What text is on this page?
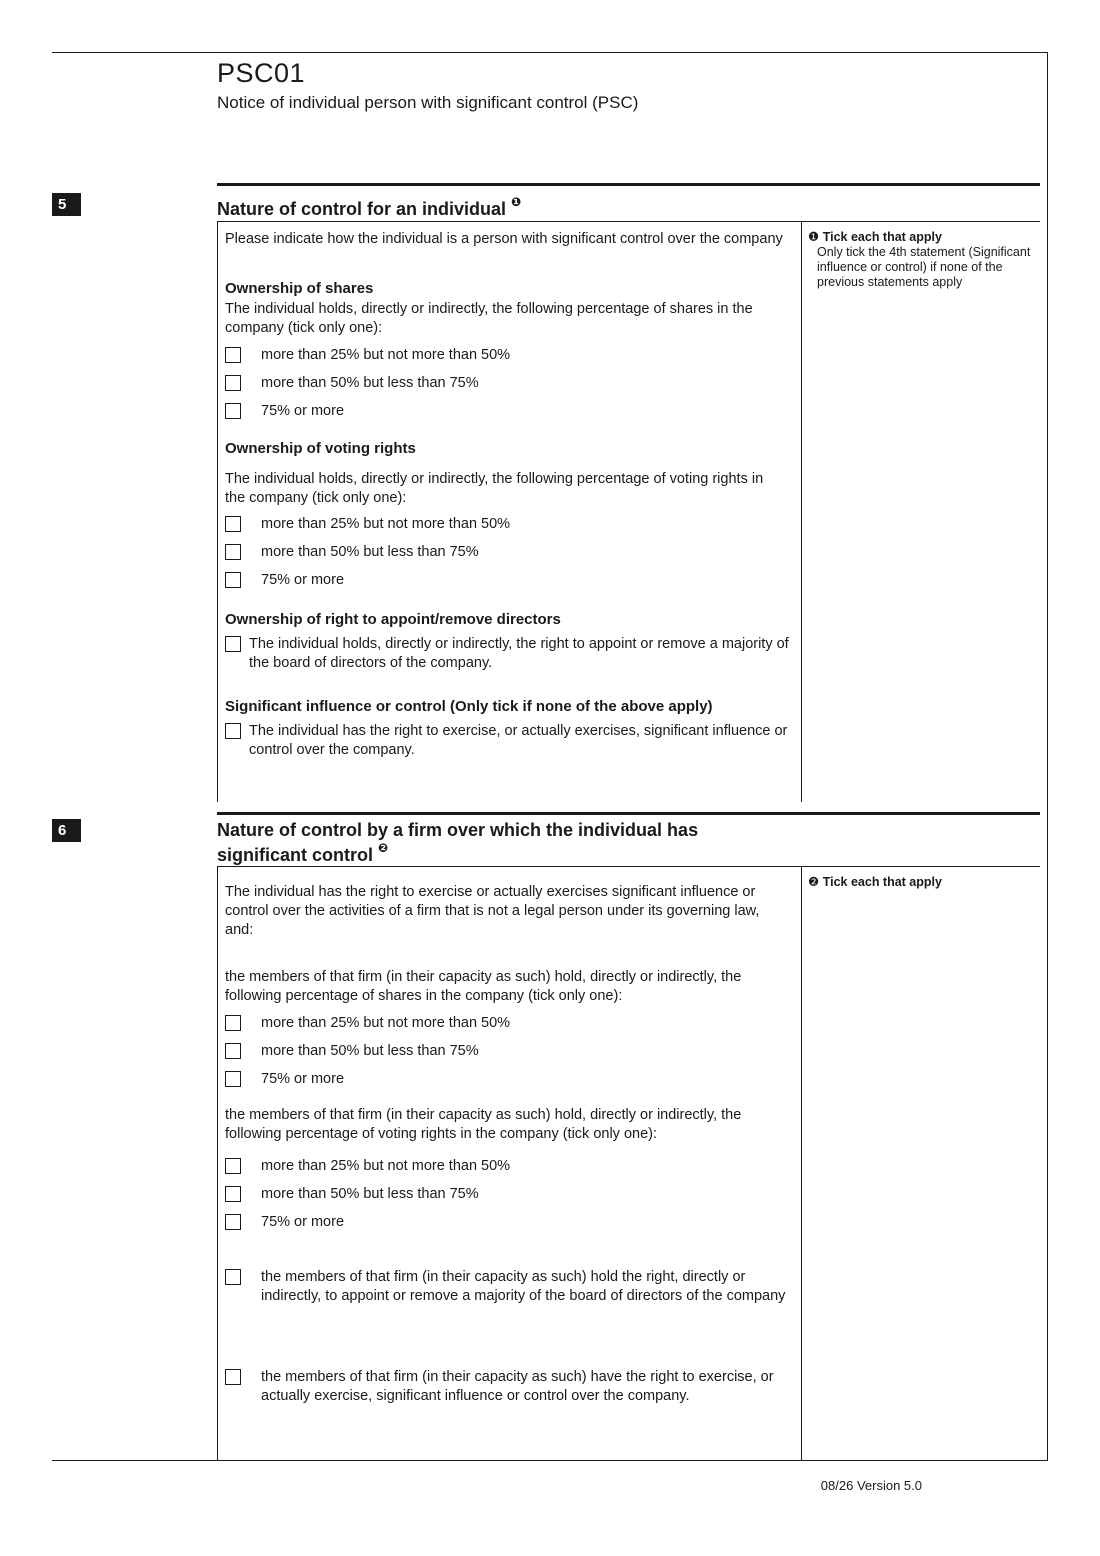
PSC01
Notice of individual person with significant control (PSC)
5	Nature of control for an individual $^❶$
Please indicate how the individual is a person with significant control over the company
Ownership of shares
The individual holds, directly or indirectly, the following percentage of shares in the company (tick only one):
more than 25% but not more than 50%
more than 50% but less than 75%
75% or more
Ownership of voting rights
The individual holds, directly or indirectly, the following percentage of voting rights in the company (tick only one):
more than 25% but not more than 50%
more than 50% but less than 75%
75% or more
Ownership of right to appoint/remove directors
The individual holds, directly or indirectly, the right to appoint or remove a majority of the board of directors of the company.
Significant influence or control (Only tick if none of the above apply)
The individual has the right to exercise, or actually exercises, significant influence or control over the company.
❶ Tick each that apply
Only tick the 4th statement (Significant influence or control) if none of the previous statements apply
6	Nature of control by a firm over which the individual has
significant control $^❷$
The individual has the right to exercise or actually exercises significant influence or control over the activities of a firm that is not a legal person under its governing law, and:
the members of that firm (in their capacity as such) hold, directly or indirectly, the following percentage of shares in the company (tick only one):
more than 25% but not more than 50%
more than 50% but less than 75%
75% or more
the members of that firm (in their capacity as such) hold, directly or indirectly, the following percentage of voting rights in the company (tick only one):
more than 25% but not more than 50%
more than 50% but less than 75%
75% or more
the members of that firm (in their capacity as such) hold the right, directly or indirectly, to appoint or remove a majority of the board of directors of the company
the members of that firm (in their capacity as such) have the right to exercise, or actually exercise, significant influence or control over the company.
❷ Tick each that apply
08/26 Version 5.0
